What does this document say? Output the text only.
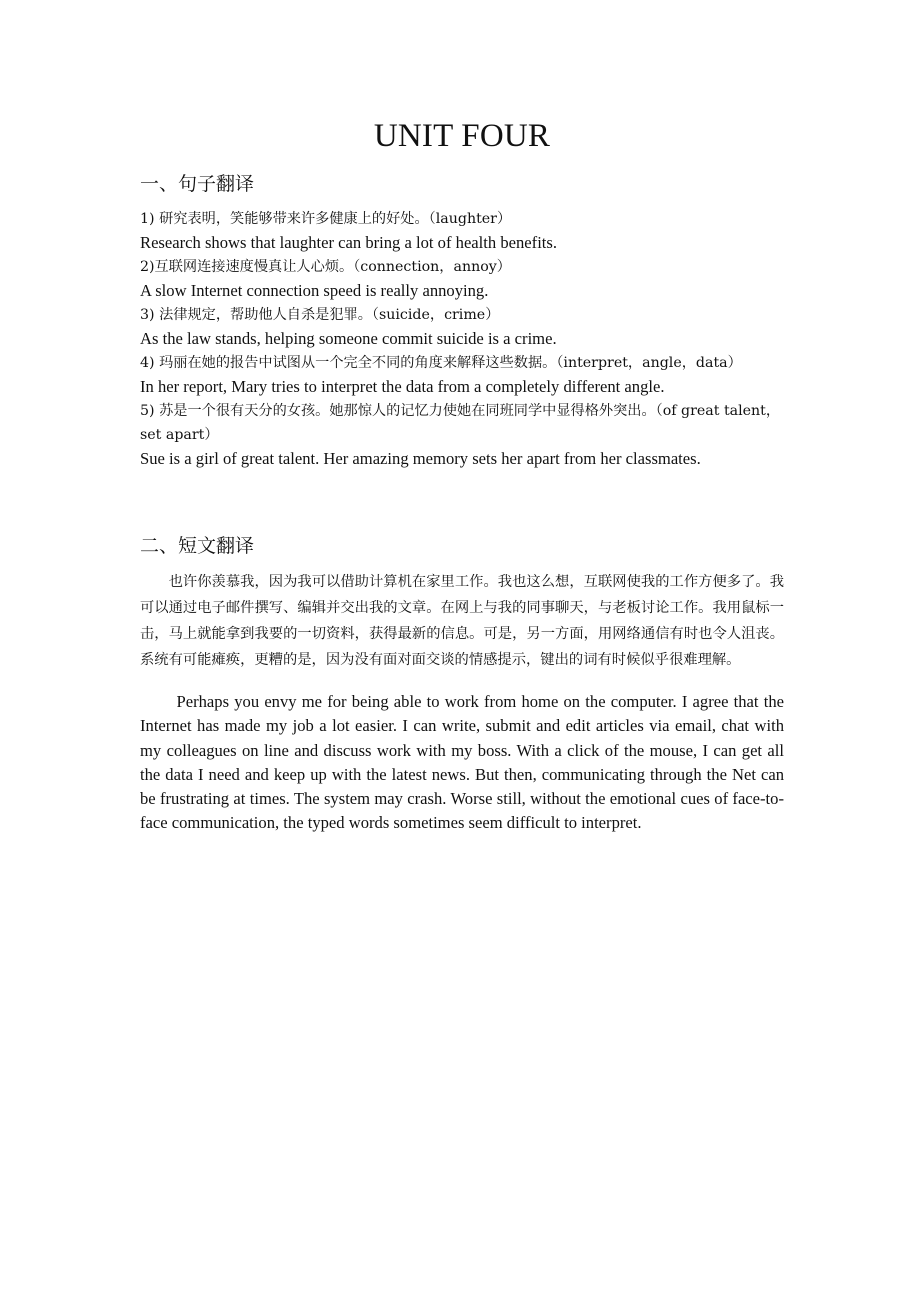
UNIT FOUR
一、句子翻译
1) 研究表明，笑能够带来许多健康上的好处。（laughter）
Research shows that laughter can bring a lot of health benefits.
2)互联网连接速度慢真让人心烦。（connection，annoy）
A slow Internet connection speed is really annoying.
3) 法律规定，帮助他人自杀是犯罪。（suicide，crime）
As the law stands, helping someone commit suicide is a crime.
4) 玛丽在她的报告中试图从一个完全不同的角度来解释这些数据。（interpret，angle，data）
In her report, Mary tries to interpret the data from a completely different angle.
5) 苏是一个很有天分的女孩。她那惊人的记忆力使她在同班同学中显得格外突出。（of great talent，set apart）
Sue is a girl of great talent. Her amazing memory sets her apart from her classmates.
二、短文翻译
也许你羡慕我，因为我可以借助计算机在家里工作。我也这么想，互联网使我的工作方便多了。我可以通过电子邮件撰写、编辑并交出我的文章。在网上与我的同事聊天，与老板讨论工作。我用鼠标一击，马上就能拿到我要的一切资料，获得最新的信息。可是，另一方面，用网络通信有时也令人沮丧。系统有可能瘫痪，更糟的是，因为没有面对面交谈的情感提示，键出的词有时候似乎很难理解。
Perhaps you envy me for being able to work from home on the computer. I agree that the Internet has made my job a lot easier. I can write, submit and edit articles via email, chat with my colleagues on line and discuss work with my boss. With a click of the mouse, I can get all the data I need and keep up with the latest news. But then, communicating through the Net can be frustrating at times. The system may crash. Worse still, without the emotional cues of face-to-face communication, the typed words sometimes seem difficult to interpret.
